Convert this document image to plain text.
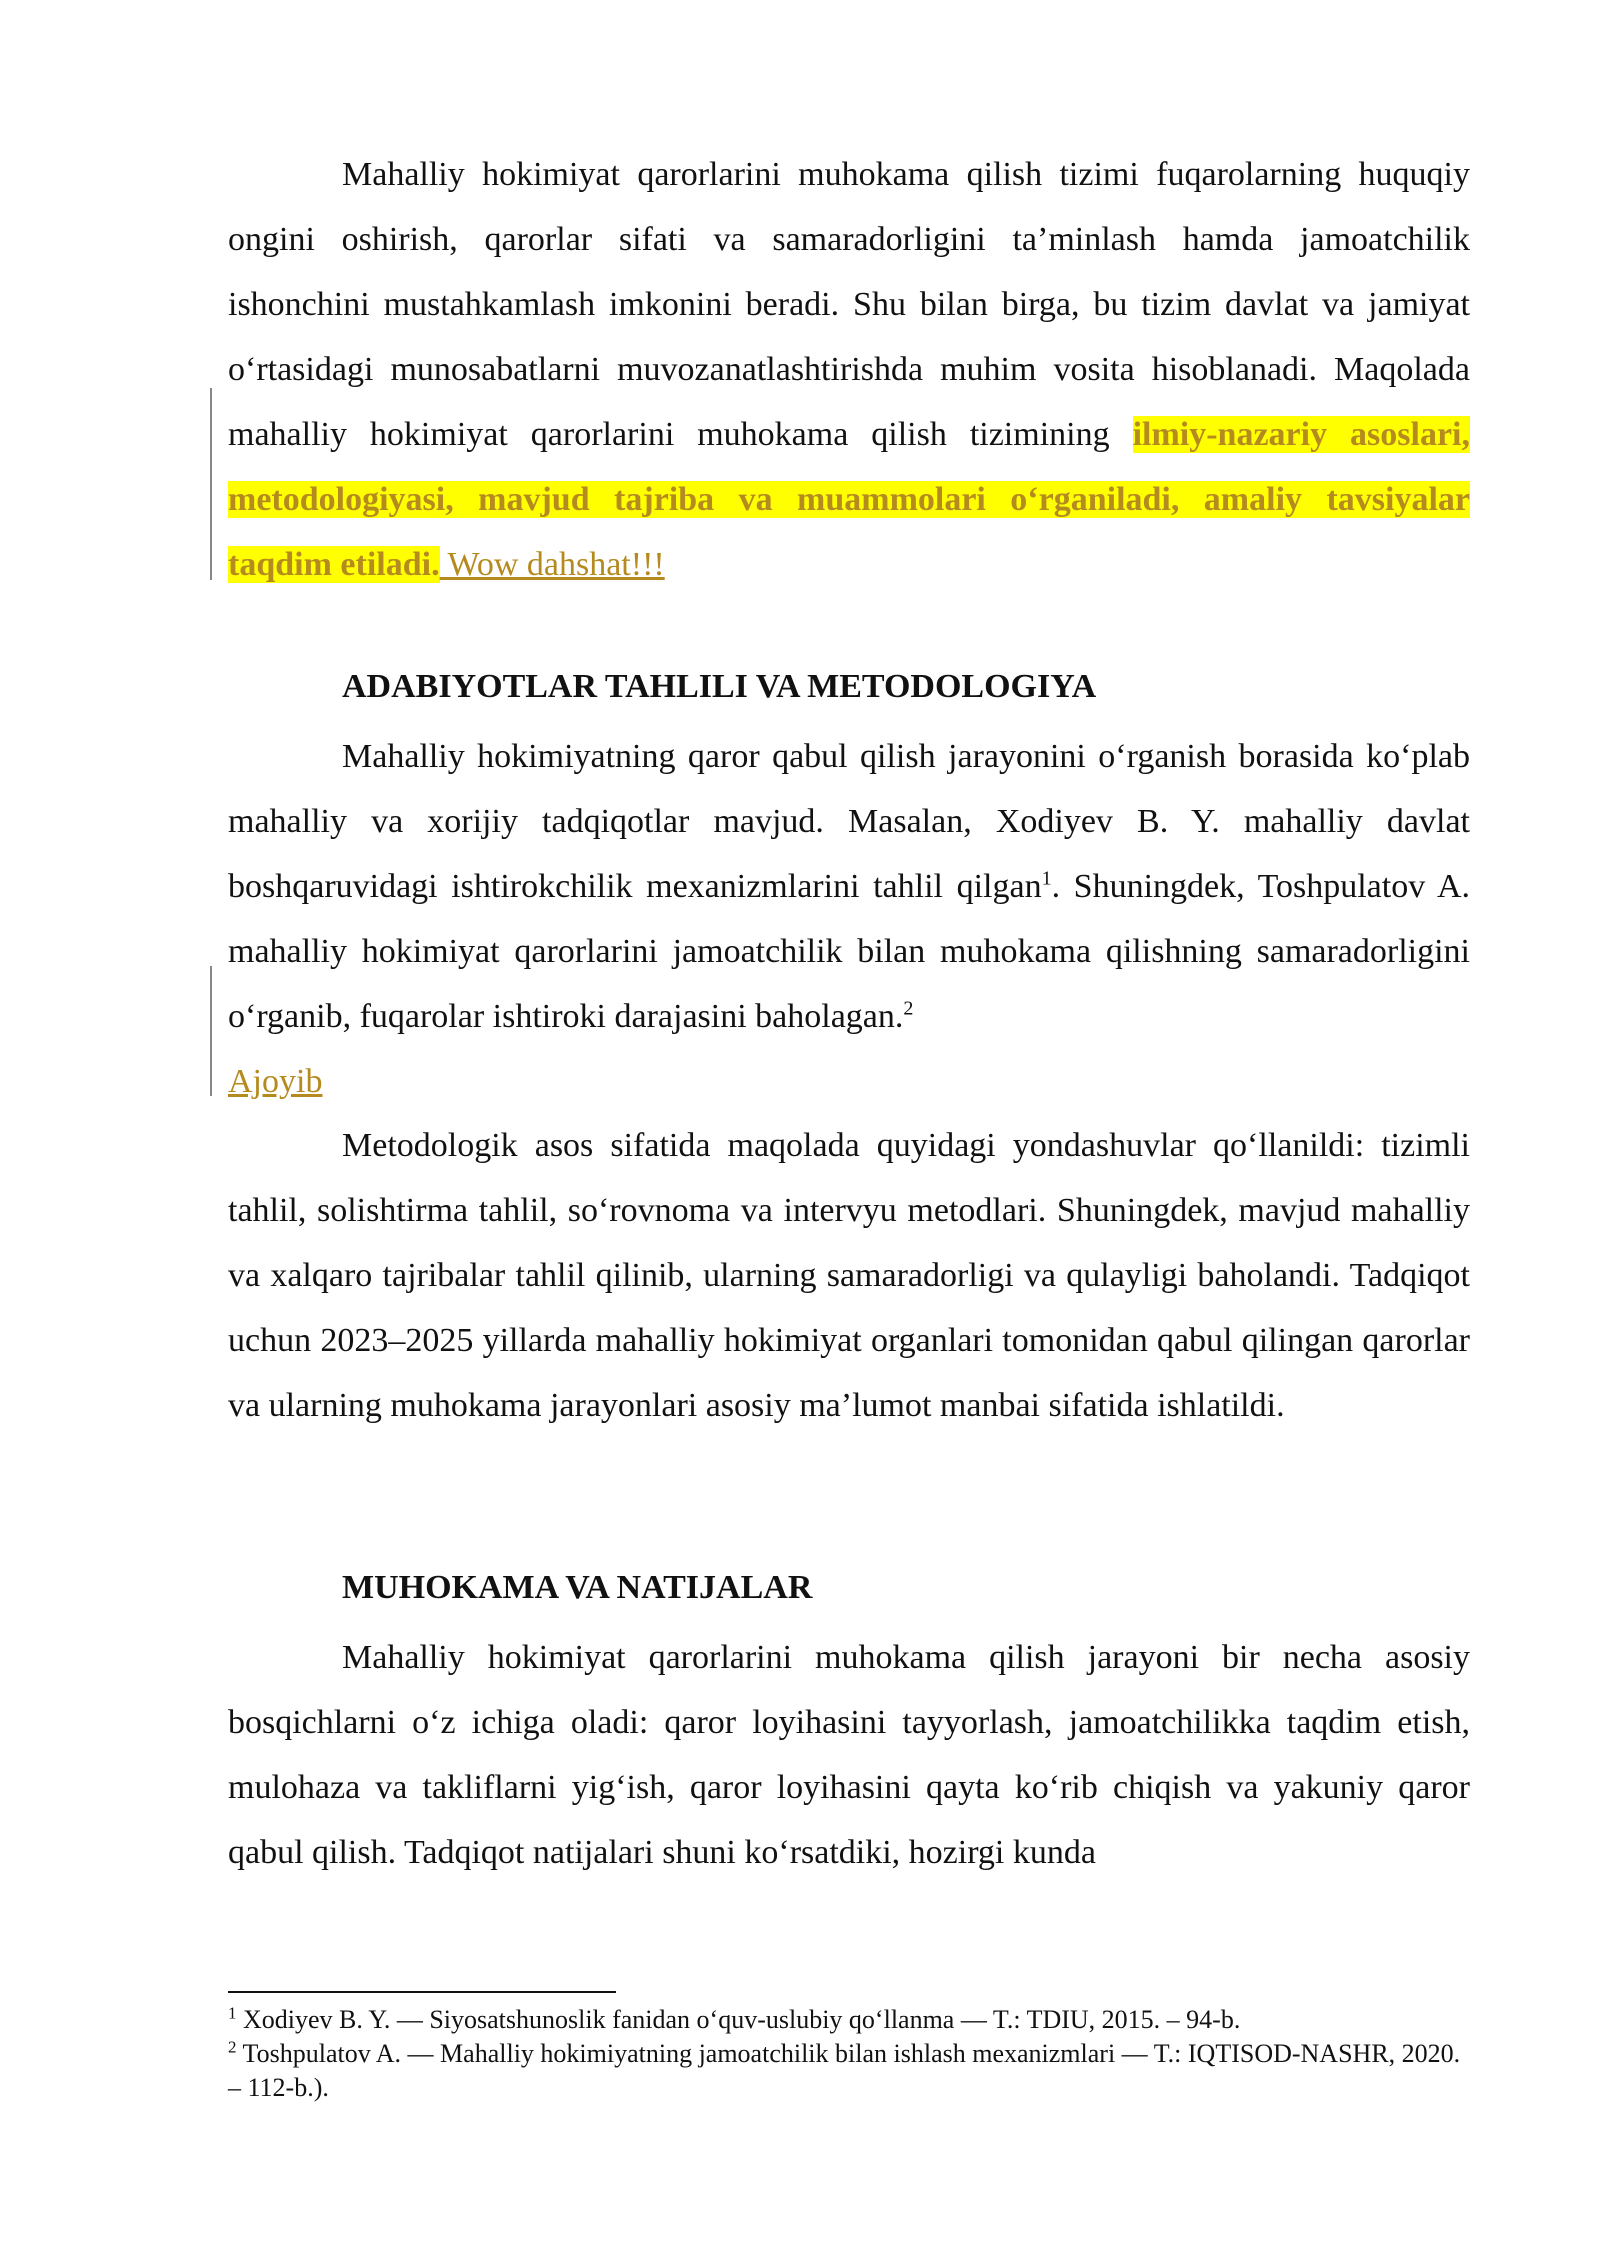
Mahalliy hokimiyat qarorlarini muhokama qilish tizimi fuqarolarning huquqiy ongini oshirish, qarorlar sifati va samaradorligini ta’minlash hamda jamoatchilik ishonchini mustahkamlash imkonini beradi. Shu bilan birga, bu tizim davlat va jamiyat o‘rtasidagi munosabatlarni muvozanatlashtirishda muhim vosita hisoblanadi. Maqolada mahalliy hokimiyat qarorlarini muhokama qilish tizimining ilmiy-nazariy asoslari, metodologiyasi, mavjud tajriba va muammolari o‘rganiladi, amaliy tavsiyalar taqdim etiladi. Wow dahshat!!!

ADABIYOTLAR TAHLILI VA METODOLOGIYA

Mahalliy hokimiyatning qaror qabul qilish jarayonini o‘rganish borasida ko‘plab mahalliy va xorijiy tadqiqotlar mavjud. Masalan, Xodiyev B. Y. mahalliy davlat boshqaruvidagi ishtirokchilik mexanizmlarini tahlil qilgan$^1$. Shuningdek, Toshpulatov A. mahalliy hokimiyat qarorlarini jamoatchilik bilan muhokama qilishning samaradorligini o‘rganib, fuqarolar ishtiroki darajasini baholagan.$^2$
Ajoyib

Metodologik asos sifatida maqolada quyidagi yondashuvlar qo‘llanildi: tizimli tahlil, solishtirma tahlil, so‘rovnoma va intervyu metodlari. Shuningdek, mavjud mahalliy va xalqaro tajribalar tahlil qilinib, ularning samaradorligi va qulayligi baholandi. Tadqiqot uchun 2023–2025 yillarda mahalliy hokimiyat organlari tomonidan qabul qilingan qarorlar va ularning muhokama jarayonlari asosiy ma’lumot manbai sifatida ishlatildi.

MUHOKAMA VA NATIJALAR

Mahalliy hokimiyat qarorlarini muhokama qilish jarayoni bir necha asosiy bosqichlarni o‘z ichiga oladi: qaror loyihasini tayyorlash, jamoatchilikka taqdim etish, mulohaza va takliflarni yig‘ish, qaror loyihasini qayta ko‘rib chiqish va yakuniy qaror qabul qilish. Tadqiqot natijalari shuni ko‘rsatdiki, hozirgi kunda

$^1$ Xodiyev B. Y. — Siyosatshunoslik fanidan o‘quv-uslubiy qo‘llanma — T.: TDIU, 2015. – 94-b.

$^2$ Toshpulatov A. — Mahalliy hokimiyatning jamoatchilik bilan ishlash mexanizmlari — T.: IQTISOD-NASHR, 2020. – 112-b.).
